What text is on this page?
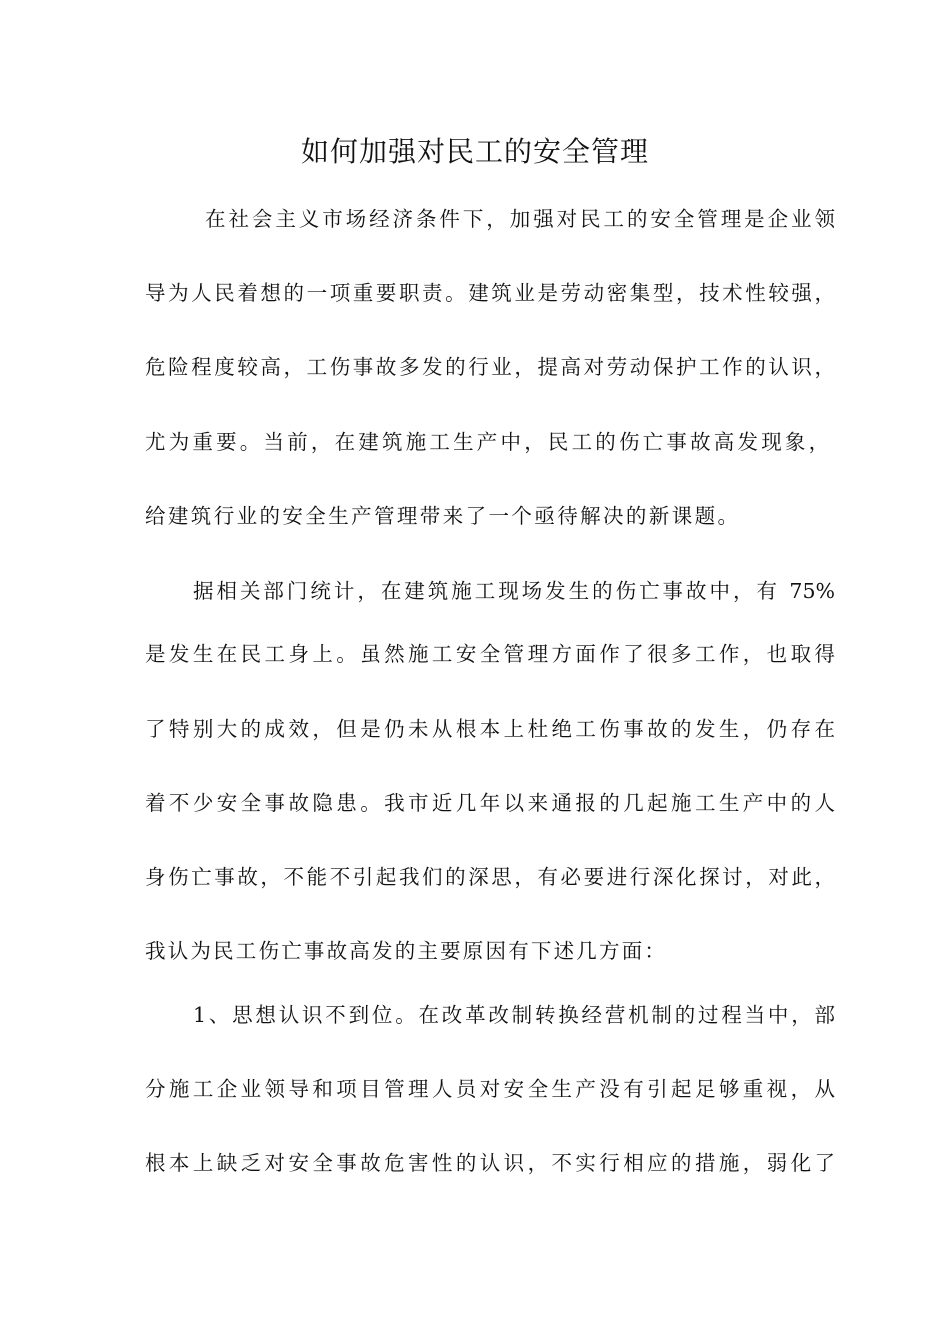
如何加强对民工的安全管理

在社会主义市场经济条件下，加强对民工的安全管理是企业领

导为人民着想的一项重要职责。建筑业是劳动密集型，技术性较强，

危险程度较高，工伤事故多发的行业，提高对劳动保护工作的认识，

尤为重要。当前，在建筑施工生产中，民工的伤亡事故高发现象，

给建筑行业的安全生产管理带来了一个亟待解决的新课题。

据相关部门统计，在建筑施工现场发生的伤亡事故中，有 75%

是发生在民工身上。虽然施工安全管理方面作了很多工作，也取得

了特别大的成效，但是仍未从根本上杜绝工伤事故的发生，仍存在

着不少安全事故隐患。我市近几年以来通报的几起施工生产中的人

身伤亡事故，不能不引起我们的深思，有必要进行深化探讨，对此，

我认为民工伤亡事故高发的主要原因有下述几方面：

1、思想认识不到位。在改革改制转换经营机制的过程当中，部

分施工企业领导和项目管理人员对安全生产没有引起足够重视，从

根本上缺乏对安全事故危害性的认识，不实行相应的措施，弱化了
